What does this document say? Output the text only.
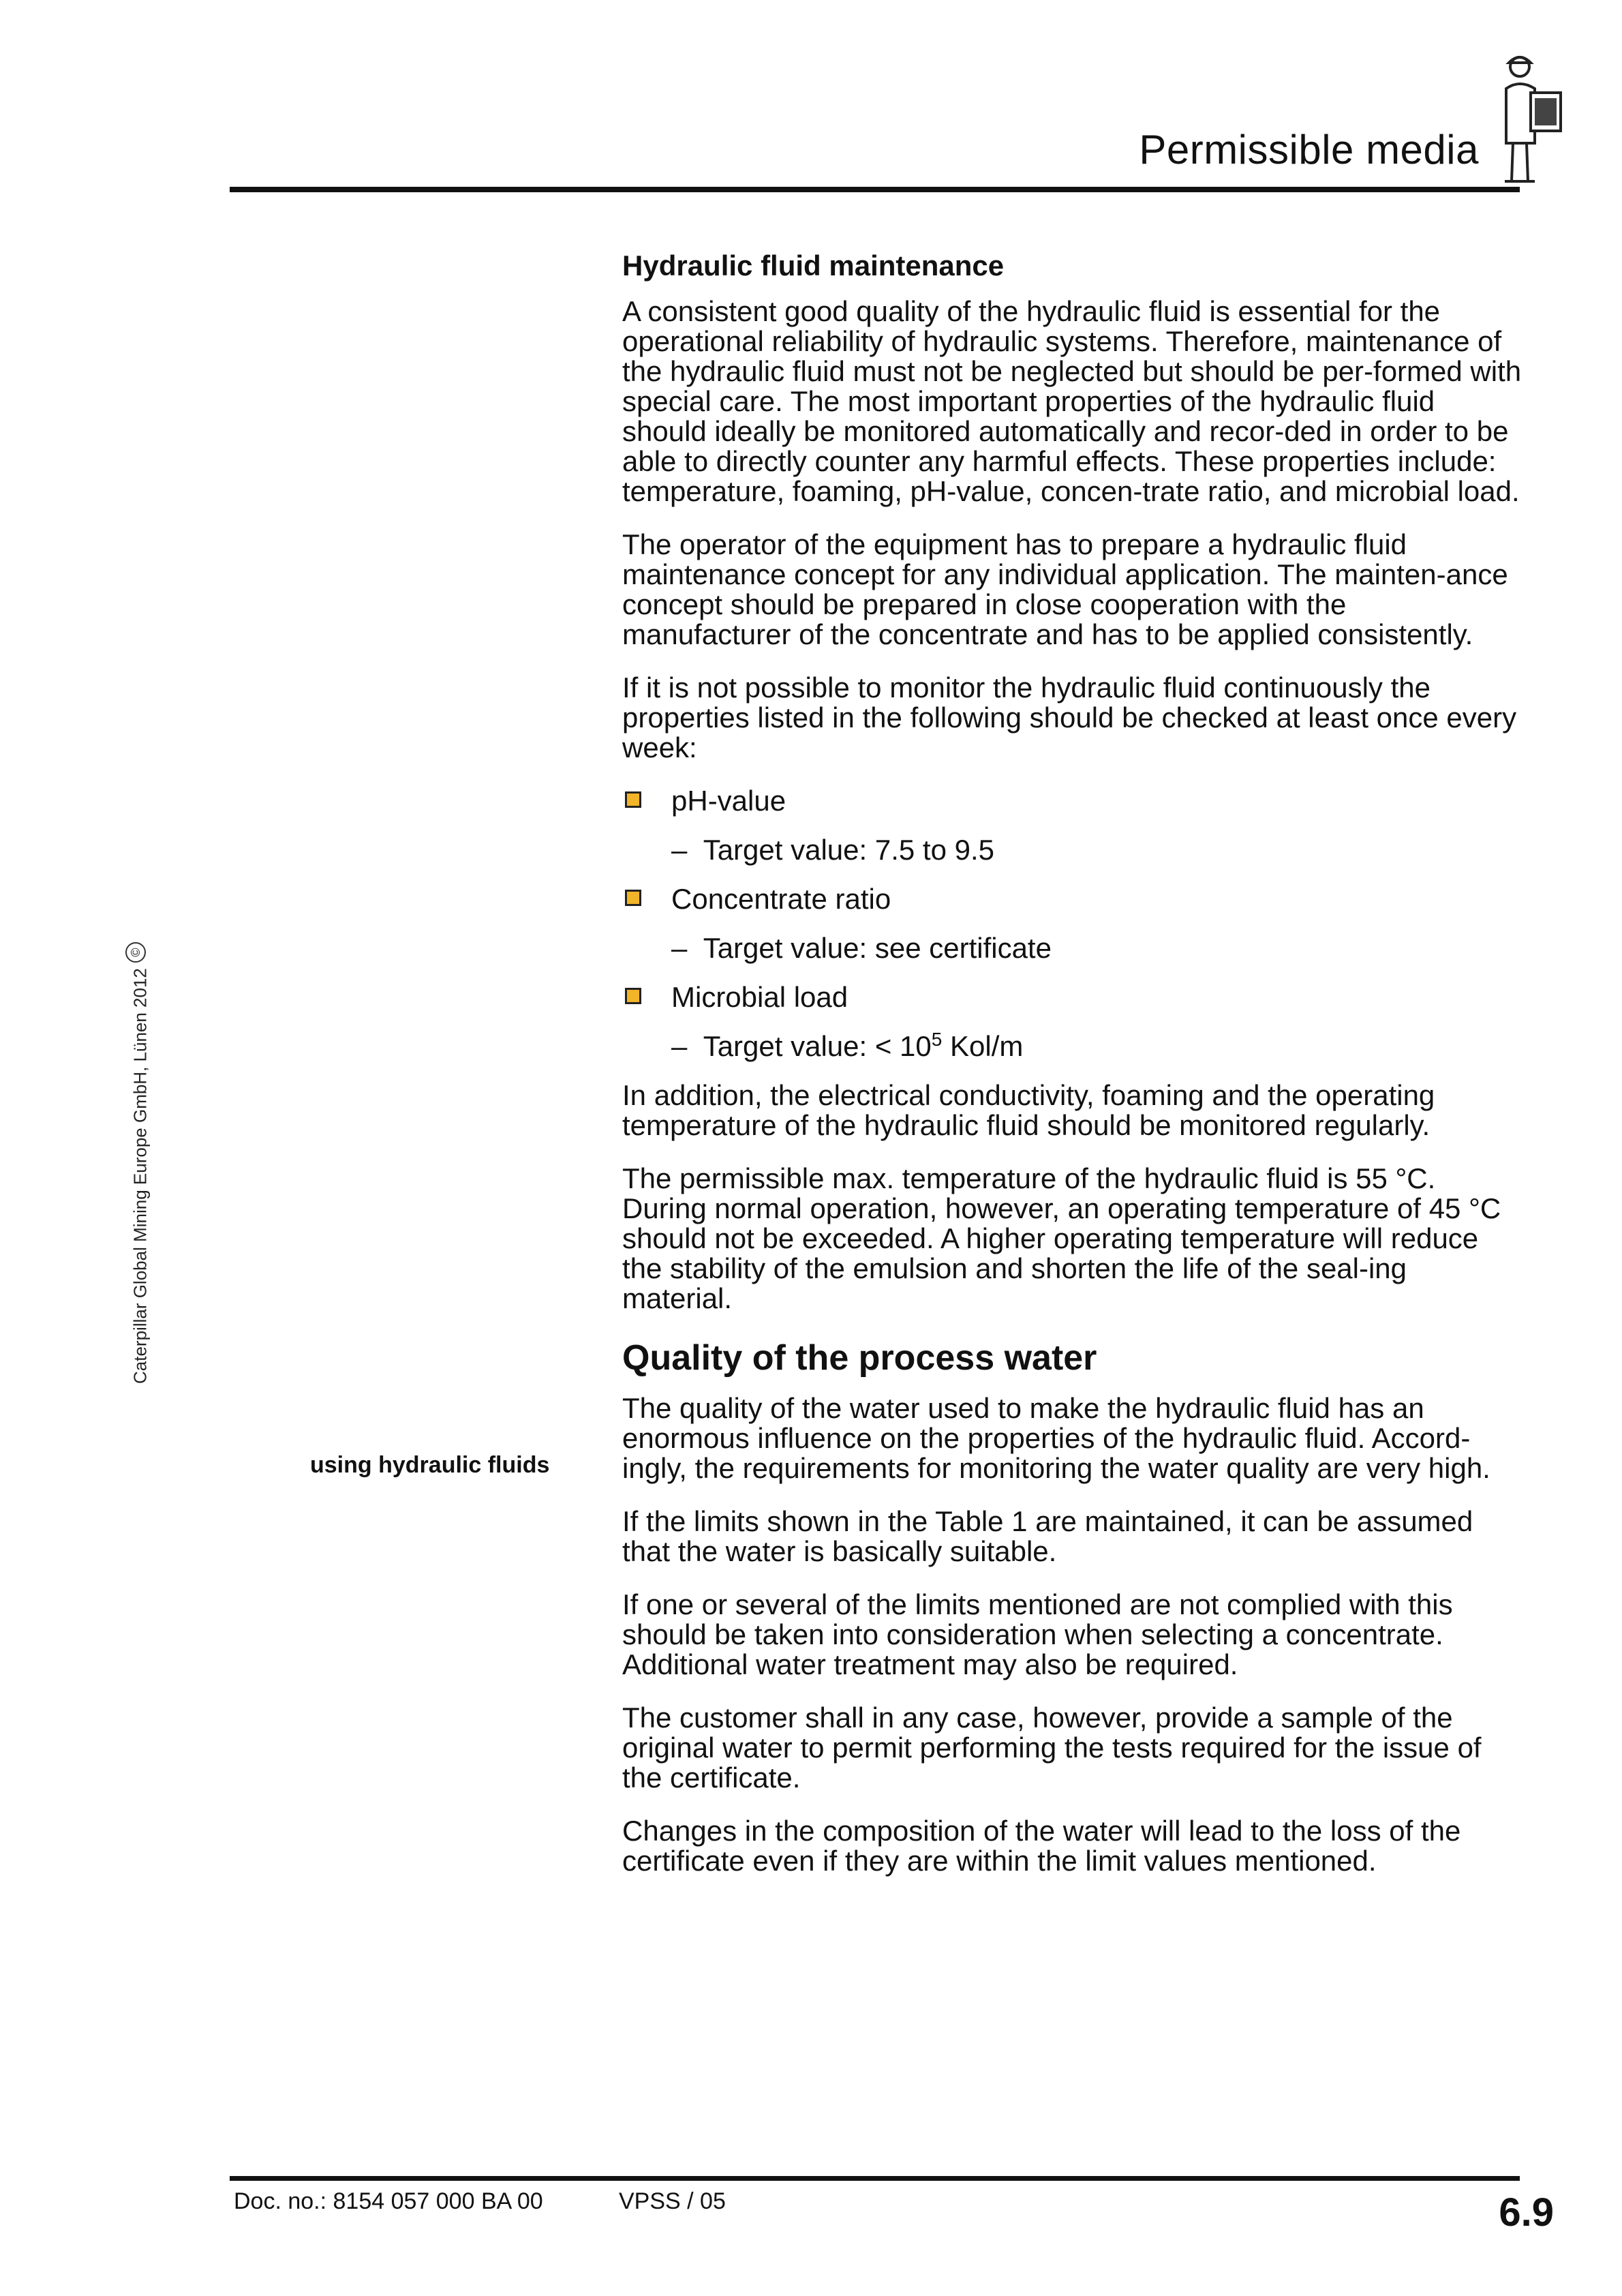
Permissible media
Caterpillar Global Mining Europe GmbH, Lünen 2012©
using hydraulic fluids
Hydraulic fluid maintenance

A consistent good quality of the hydraulic fluid is essential for the operational reliability of hydraulic systems. Therefore, maintenance of the hydraulic fluid must not be neglected but should be per-formed with special care. The most important properties of the hydraulic fluid should ideally be monitored automatically and recor-ded in order to be able to directly counter any harmful effects. These properties include: temperature, foaming, pH-value, concen-trate ratio, and microbial load.

The operator of the equipment has to prepare a hydraulic fluid maintenance concept for any individual application. The mainten-ance concept should be prepared in close cooperation with the manufacturer of the concentrate and has to be applied consistently.

If it is not possible to monitor the hydraulic fluid continuously the properties listed in the following should be checked at least once every week:

pH-value
–  Target value: 7.5 to 9.5
Concentrate ratio
–  Target value: see certificate
Microbial load
–  Target value: < $10^5$ Kol/m

In addition, the electrical conductivity, foaming and the operating temperature of the hydraulic fluid should be monitored regularly.

The permissible max. temperature of the hydraulic fluid is 55 °C. During normal operation, however, an operating temperature of 45 °C should not be exceeded. A higher operating temperature will reduce the stability of the emulsion and shorten the life of the seal-ing material.

Quality of the process water

The quality of the water used to make the hydraulic fluid has an enormous influence on the properties of the hydraulic fluid. Accord-ingly, the requirements for monitoring the water quality are very high.

If the limits shown in the Table 1 are maintained, it can be assumed that the water is basically suitable.

If one or several of the limits mentioned are not complied with this should be taken into consideration when selecting a concentrate. Additional water treatment may also be required.

The customer shall in any case, however, provide a sample of the original water to permit performing the tests required for the issue of the certificate.

Changes in the composition of the water will lead to the loss of the certificate even if they are within the limit values mentioned.

Doc. no.: 8154 057 000 BA 00	VPSS / 05	6.9
